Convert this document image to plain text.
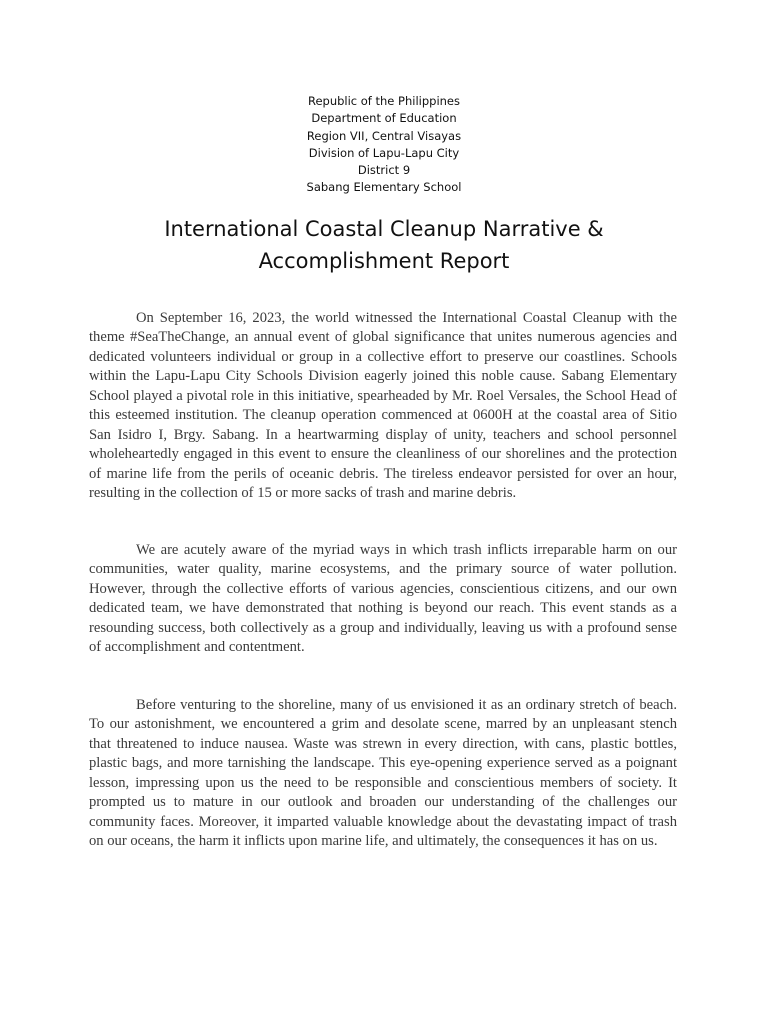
Republic of the Philippines
Department of Education
Region VII, Central Visayas
Division of Lapu-Lapu City
District 9
Sabang Elementary School
International Coastal Cleanup Narrative &
Accomplishment Report

On September 16, 2023, the world witnessed the International Coastal Cleanup with the theme #SeaTheChange, an annual event of global significance that unites numerous agencies and dedicated volunteers individual or group in a collective effort to preserve our coastlines. Schools within the Lapu-Lapu City Schools Division eagerly joined this noble cause. Sabang Elementary School played a pivotal role in this initiative, spearheaded by Mr. Roel Versales, the School Head of this esteemed institution. The cleanup operation commenced at 0600H at the coastal area of Sitio San Isidro I, Brgy. Sabang. In a heartwarming display of unity, teachers and school personnel wholeheartedly engaged in this event to ensure the cleanliness of our shorelines and the protection of marine life from the perils of oceanic debris. The tireless endeavor persisted for over an hour, resulting in the collection of 15 or more sacks of trash and marine debris.

We are acutely aware of the myriad ways in which trash inflicts irreparable harm on our communities, water quality, marine ecosystems, and the primary source of water pollution. However, through the collective efforts of various agencies, conscientious citizens, and our own dedicated team, we have demonstrated that nothing is beyond our reach. This event stands as a resounding success, both collectively as a group and individually, leaving us with a profound sense of accomplishment and contentment.

Before venturing to the shoreline, many of us envisioned it as an ordinary stretch of beach. To our astonishment, we encountered a grim and desolate scene, marred by an unpleasant stench that threatened to induce nausea. Waste was strewn in every direction, with cans, plastic bottles, plastic bags, and more tarnishing the landscape. This eye-opening experience served as a poignant lesson, impressing upon us the need to be responsible and conscientious members of society. It prompted us to mature in our outlook and broaden our understanding of the challenges our community faces. Moreover, it imparted valuable knowledge about the devastating impact of trash on our oceans, the harm it inflicts upon marine life, and ultimately, the consequences it has on us.
